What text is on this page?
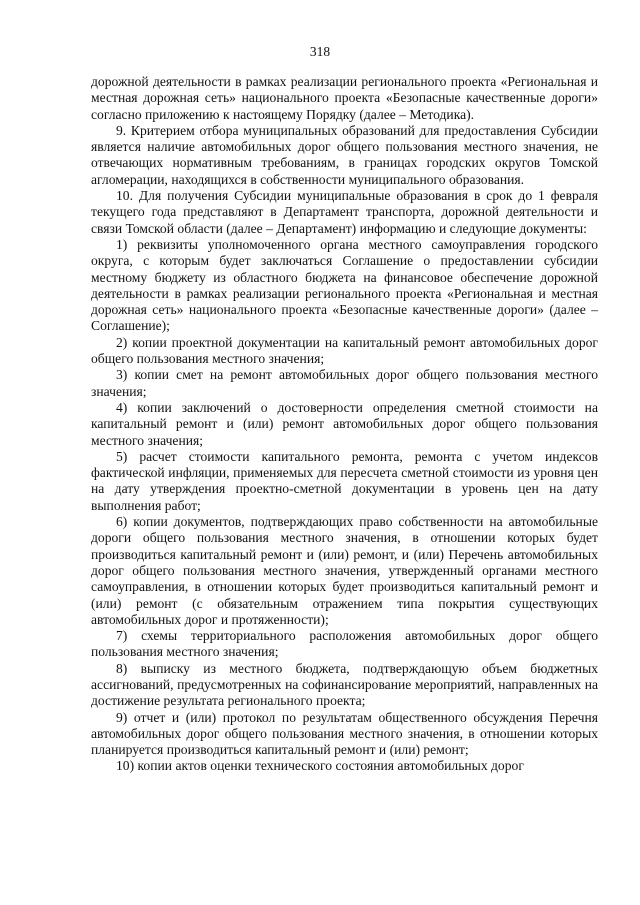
318

дорожной деятельности в рамках реализации регионального проекта «Региональная и местная дорожная сеть» национального проекта «Безопасные качественные дороги» согласно приложению к настоящему Порядку (далее – Методика).

9. Критерием отбора муниципальных образований для предоставления Субсидии является наличие автомобильных дорог общего пользования местного значения, не отвечающих нормативным требованиям, в границах городских округов Томской агломерации, находящихся в собственности муниципального образования.

10. Для получения Субсидии муниципальные образования в срок до 1 февраля текущего года представляют в Департамент транспорта, дорожной деятельности и связи Томской области (далее – Департамент) информацию и следующие документы:

1) реквизиты уполномоченного органа местного самоуправления городского округа, с которым будет заключаться Соглашение о предоставлении субсидии местному бюджету из областного бюджета на финансовое обеспечение дорожной деятельности в рамках реализации регионального проекта «Региональная и местная дорожная сеть» национального проекта «Безопасные качественные дороги» (далее – Соглашение);

2) копии проектной документации на капитальный ремонт автомобильных дорог общего пользования местного значения;

3) копии смет на ремонт автомобильных дорог общего пользования местного значения;

4) копии заключений о достоверности определения сметной стоимости на капитальный ремонт и (или) ремонт автомобильных дорог общего пользования местного значения;

5) расчет стоимости капитального ремонта, ремонта с учетом индексов фактической инфляции, применяемых для пересчета сметной стоимости из уровня цен на дату утверждения проектно-сметной документации в уровень цен на дату выполнения работ;

6) копии документов, подтверждающих право собственности на автомобильные дороги общего пользования местного значения, в отношении которых будет производиться капитальный ремонт и (или) ремонт, и (или) Перечень автомобильных дорог общего пользования местного значения, утвержденный органами местного самоуправления, в отношении которых будет производиться капитальный ремонт и (или) ремонт (с обязательным отражением типа покрытия существующих автомобильных дорог и протяженности);

7) схемы территориального расположения автомобильных дорог общего пользования местного значения;

8) выписку из местного бюджета, подтверждающую объем бюджетных ассигнований, предусмотренных на софинансирование мероприятий, направленных на достижение результата регионального проекта;

9) отчет и (или) протокол по результатам общественного обсуждения Перечня автомобильных дорог общего пользования местного значения, в отношении которых планируется производиться капитальный ремонт и (или) ремонт;

10) копии актов оценки технического состояния автомобильных дорог
